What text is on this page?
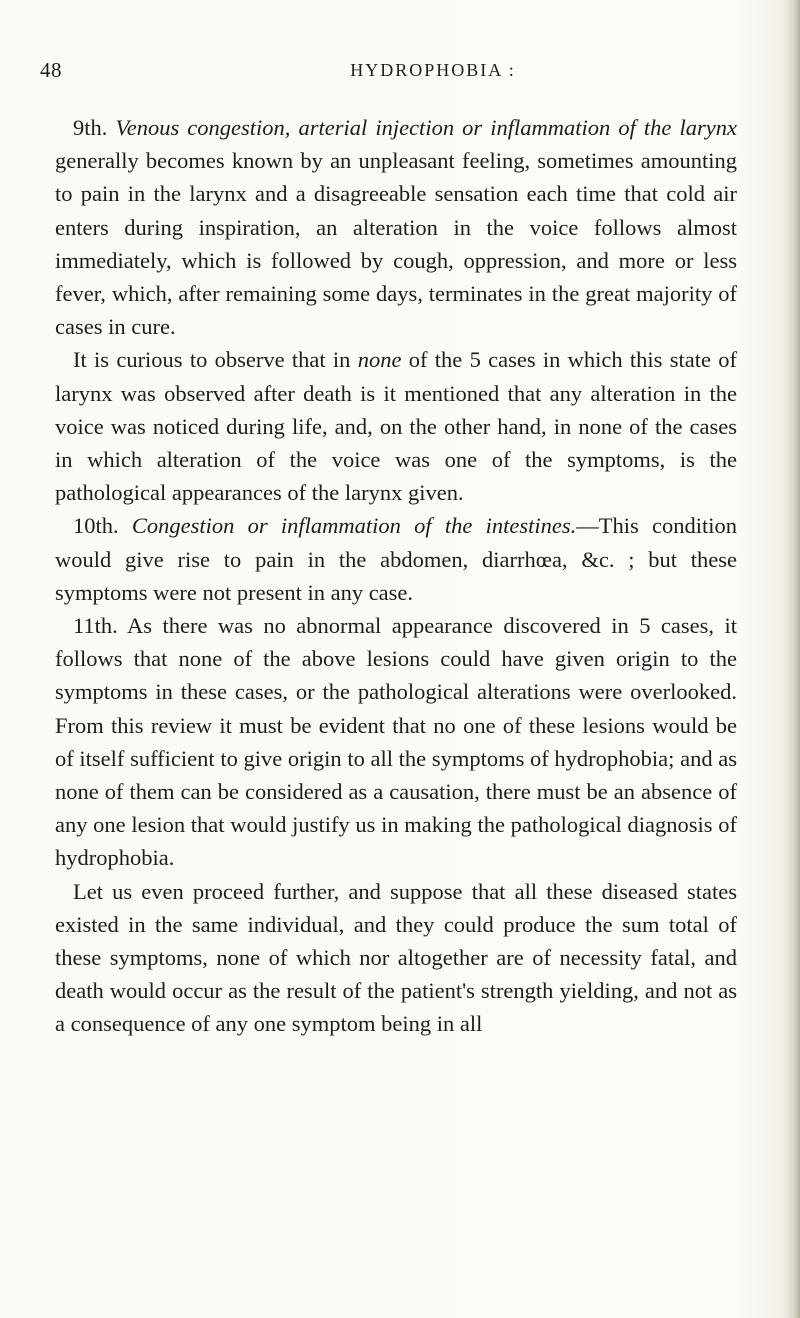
48	HYDROPHOBIA :

9th. Venous congestion, arterial injection or inflammation of the larynx generally becomes known by an unpleasant feeling, sometimes amounting to pain in the larynx and a disagreeable sensation each time that cold air enters during inspiration, an alteration in the voice follows almost immediately, which is followed by cough, oppression, and more or less fever, which, after remaining some days, terminates in the great majority of cases in cure.

It is curious to observe that in none of the 5 cases in which this state of larynx was observed after death is it mentioned that any alteration in the voice was noticed during life, and, on the other hand, in none of the cases in which alteration of the voice was one of the symptoms, is the pathological appearances of the larynx given.

10th. Congestion or inflammation of the intestines.—This condition would give rise to pain in the abdomen, diarrhœa, &c. ; but these symptoms were not present in any case.

11th. As there was no abnormal appearance discovered in 5 cases, it follows that none of the above lesions could have given origin to the symptoms in these cases, or the pathological alterations were overlooked. From this review it must be evident that no one of these lesions would be of itself sufficient to give origin to all the symptoms of hydrophobia; and as none of them can be considered as a causation, there must be an absence of any one lesion that would justify us in making the pathological diagnosis of hydrophobia.

Let us even proceed further, and suppose that all these diseased states existed in the same individual, and they could produce the sum total of these symptoms, none of which nor altogether are of necessity fatal, and death would occur as the result of the patient's strength yielding, and not as a consequence of any one symptom being in all
